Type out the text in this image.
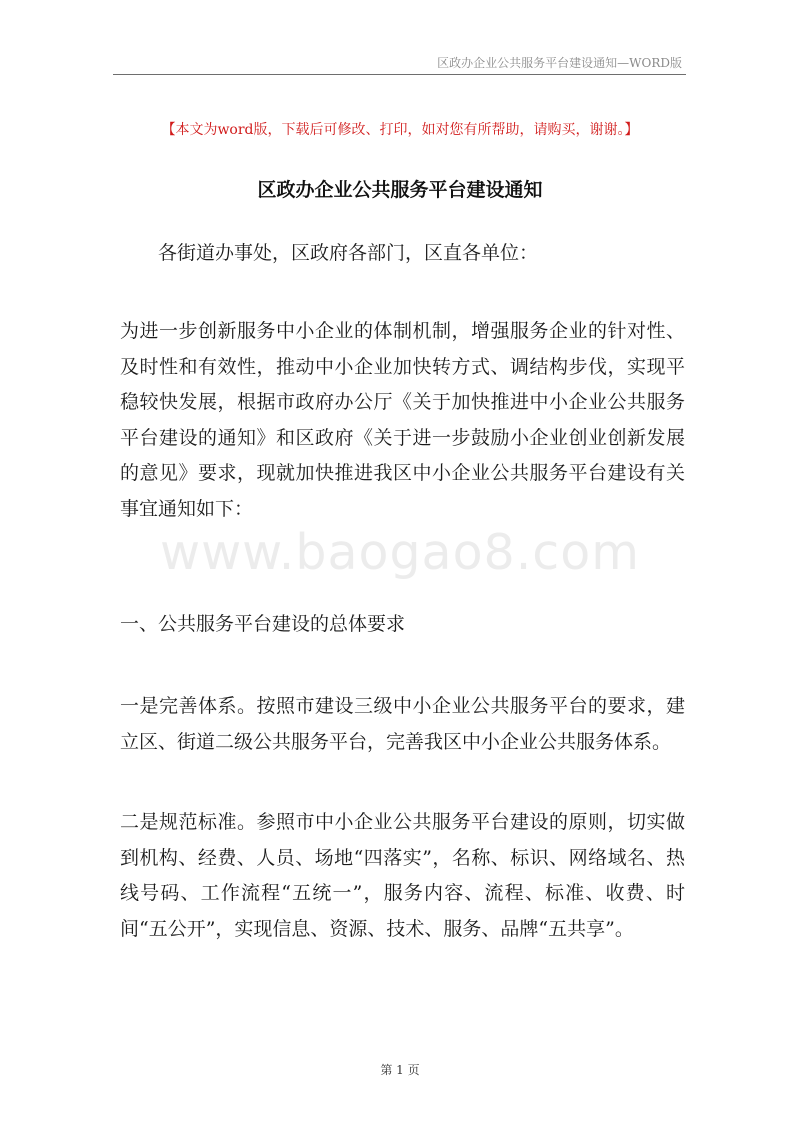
区政办企业公共服务平台建设通知—WORD版
【本文为word版，下载后可修改、打印，如对您有所帮助，请购买，谢谢。】
区政办企业公共服务平台建设通知

各街道办事处，区政府各部门，区直各单位：

为进一步创新服务中小企业的体制机制，增强服务企业的针对性、及时性和有效性，推动中小企业加快转方式、调结构步伐，实现平稳较快发展，根据市政府办公厅《关于加快推进中小企业公共服务平台建设的通知》和区政府《关于进一步鼓励小企业创业创新发展的意见》要求，现就加快推进我区中小企业公共服务平台建设有关事宜通知如下：

www.baogao8.com

一、公共服务平台建设的总体要求

一是完善体系。按照市建设三级中小企业公共服务平台的要求，建立区、街道二级公共服务平台，完善我区中小企业公共服务体系。

二是规范标准。参照市中小企业公共服务平台建设的原则，切实做到机构、经费、人员、场地“四落实”，名称、标识、网络域名、热线号码、工作流程“五统一”，服务内容、流程、标准、收费、时间“五公开”，实现信息、资源、技术、服务、品牌“五共享”。

第 1 页
